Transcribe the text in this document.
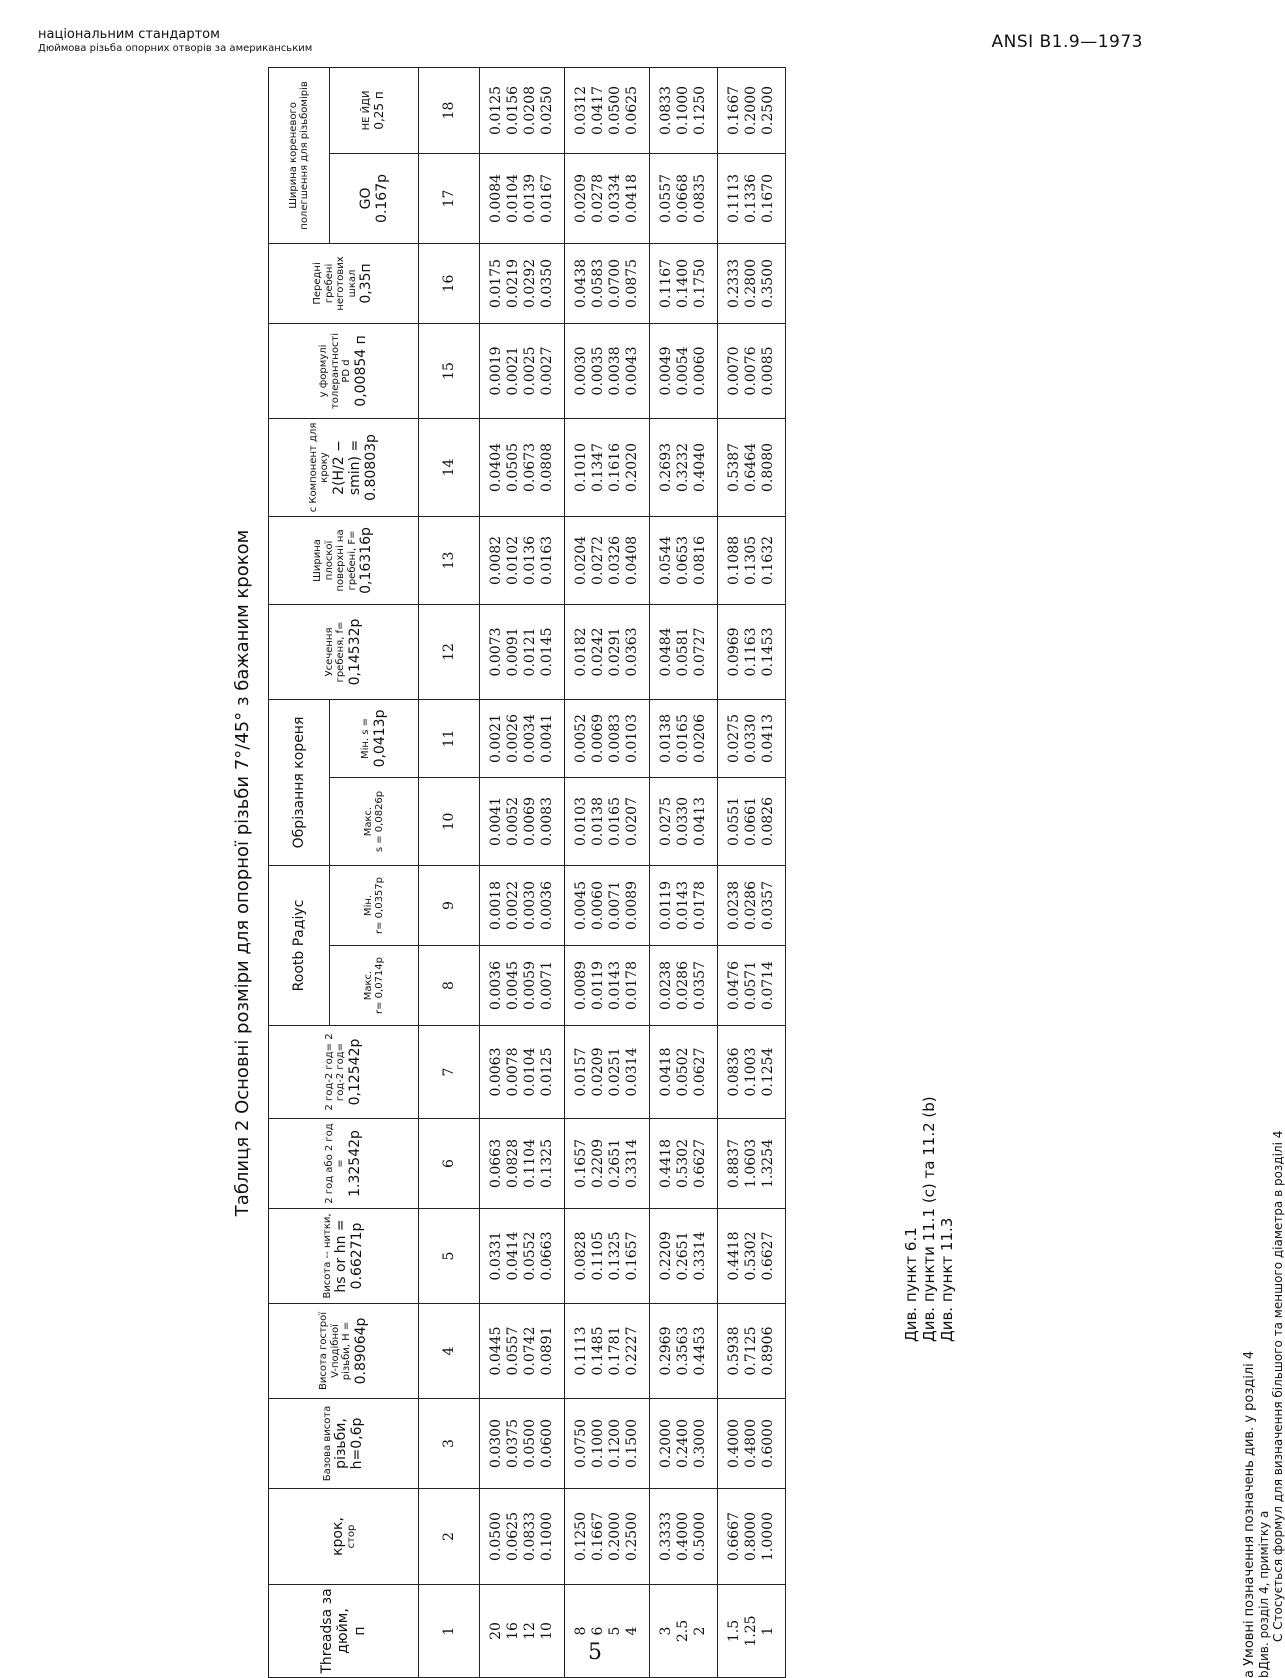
національним стандартом
Дюймова різьба опорних отворів за американським	ANSI B1.9—1973
Таблиця 2 Основні розміри для опорної різьби 7°/45° з бажаним кроком
Threadsa за дюйм, п	крок, стор	Базова висота різьби, h=0,6р	Висота гострої V-подібної різьби, H = 0.89064p	Висота -- нитки, hs or hn = 0.66271p	2 год або 2 год = 1.32542p	2 год-2 год= 2 год-2 год= 0,12542р	Rootb Радіус		Обрізання кореня		Усечення гребеня, f= 0,14532р	Ширина плоскої поверхні на гребені, F= 0,16316р	c Компонент для кроку 2(H/2 − smin) = 0.80803p	у формулі толерантності PD d 0,00854 п	Передні гребені неготових шкал 0,35п	Ширина кореневого полегшення для різьбомірів	

							Макс. r= 0,0714р	Мін. r= 0,0357р	Макс. s = 0,0826р	Мін. s = 0,0413р						GO 0.167p	НЕ ЙДИ 0,25 п

1	2	3	4	5	6	7	8	9	10	11	12	13	14	15	16	17	18

20 16 12 10	0.0500 0.0625 0.0833 0.1000	0.0300 0.0375 0.0500 0.0600	0.0445 0.0557 0.0742 0.0891	0.0331 0.0414 0.0552 0.0663	0.0663 0.0828 0.1104 0.1325	0.0063 0.0078 0.0104 0.0125	0.0036 0.0045 0.0059 0.0071	0.0018 0.0022 0.0030 0.0036	0.0041 0.0052 0.0069 0.0083	0.0021 0.0026 0.0034 0.0041	0.0073 0.0091 0.0121 0.0145	0.0082 0.0102 0.0136 0.0163	0.0404 0.0505 0.0673 0.0808	0.0019 0.0021 0.0025 0.0027	0.0175 0.0219 0.0292 0.0350	0.0084 0.0104 0.0139 0.0167	0.0125 0.0156 0.0208 0.0250

8 6 5 4	0.1250 0.1667 0.2000 0.2500	0.0750 0.1000 0.1200 0.1500	0.1113 0.1485 0.1781 0.2227	0.0828 0.1105 0.1325 0.1657	0.1657 0.2209 0.2651 0.3314	0.0157 0.0209 0.0251 0.0314	0.0089 0.0119 0.0143 0.0178	0.0045 0.0060 0.0071 0.0089	0.0103 0.0138 0.0165 0.0207	0.0052 0.0069 0.0083 0.0103	0.0182 0.0242 0.0291 0.0363	0.0204 0.0272 0.0326 0.0408	0.1010 0.1347 0.1616 0.2020	0.0030 0.0035 0.0038 0.0043	0.0438 0.0583 0.0700 0.0875	0.0209 0.0278 0.0334 0.0418	0.0312 0.0417 0.0500 0.0625

3 2.5 2	0.3333 0.4000 0.5000	0.2000 0.2400 0.3000	0.2969 0.3563 0.4453	0.2209 0.2651 0.3314	0.4418 0.5302 0.6627	0.0418 0.0502 0.0627	0.0238 0.0286 0.0357	0.0119 0.0143 0.0178	0.0275 0.0330 0.0413	0.0138 0.0165 0.0206	0.0484 0.0581 0.0727	0.0544 0.0653 0.0816	0.2693 0.3232 0.4040	0.0049 0.0054 0.0060	0.1167 0.1400 0.1750	0.0557 0.0668 0.0835	0.0833 0.1000 0.1250

1.5 1.25 1	0.6667 0.8000 1.0000	0.4000 0.4800 0.6000	0.5938 0.7125 0.8906	0.4418 0.5302 0.6627	0.8837 1.0603 1.3254	0.0836 0.1003 0.1254	0.0476 0.0571 0.0714	0.0238 0.0286 0.0357	0.0551 0.0661 0.0826	0.0275 0.0330 0.0413	0.0969 0.1163 0.1453	0.1088 0.1305 0.1632	0.5387 0.6464 0.8080	0.0070 0.0076 0.0085	0.2333 0.2800 0.3500	0.1113 0.1336 0.1670	0.1667 0.2000 0.2500
a Умовні позначення позначень див. у розділі 4 bДив. розділ 4, примітку a C Стосується формул для визначення більшого та меншого діаметра в розділі 4
Див. пункт 6.1 Див. пункти 11.1 (c) та 11.2 (b) Див. пункт 11.3
5
